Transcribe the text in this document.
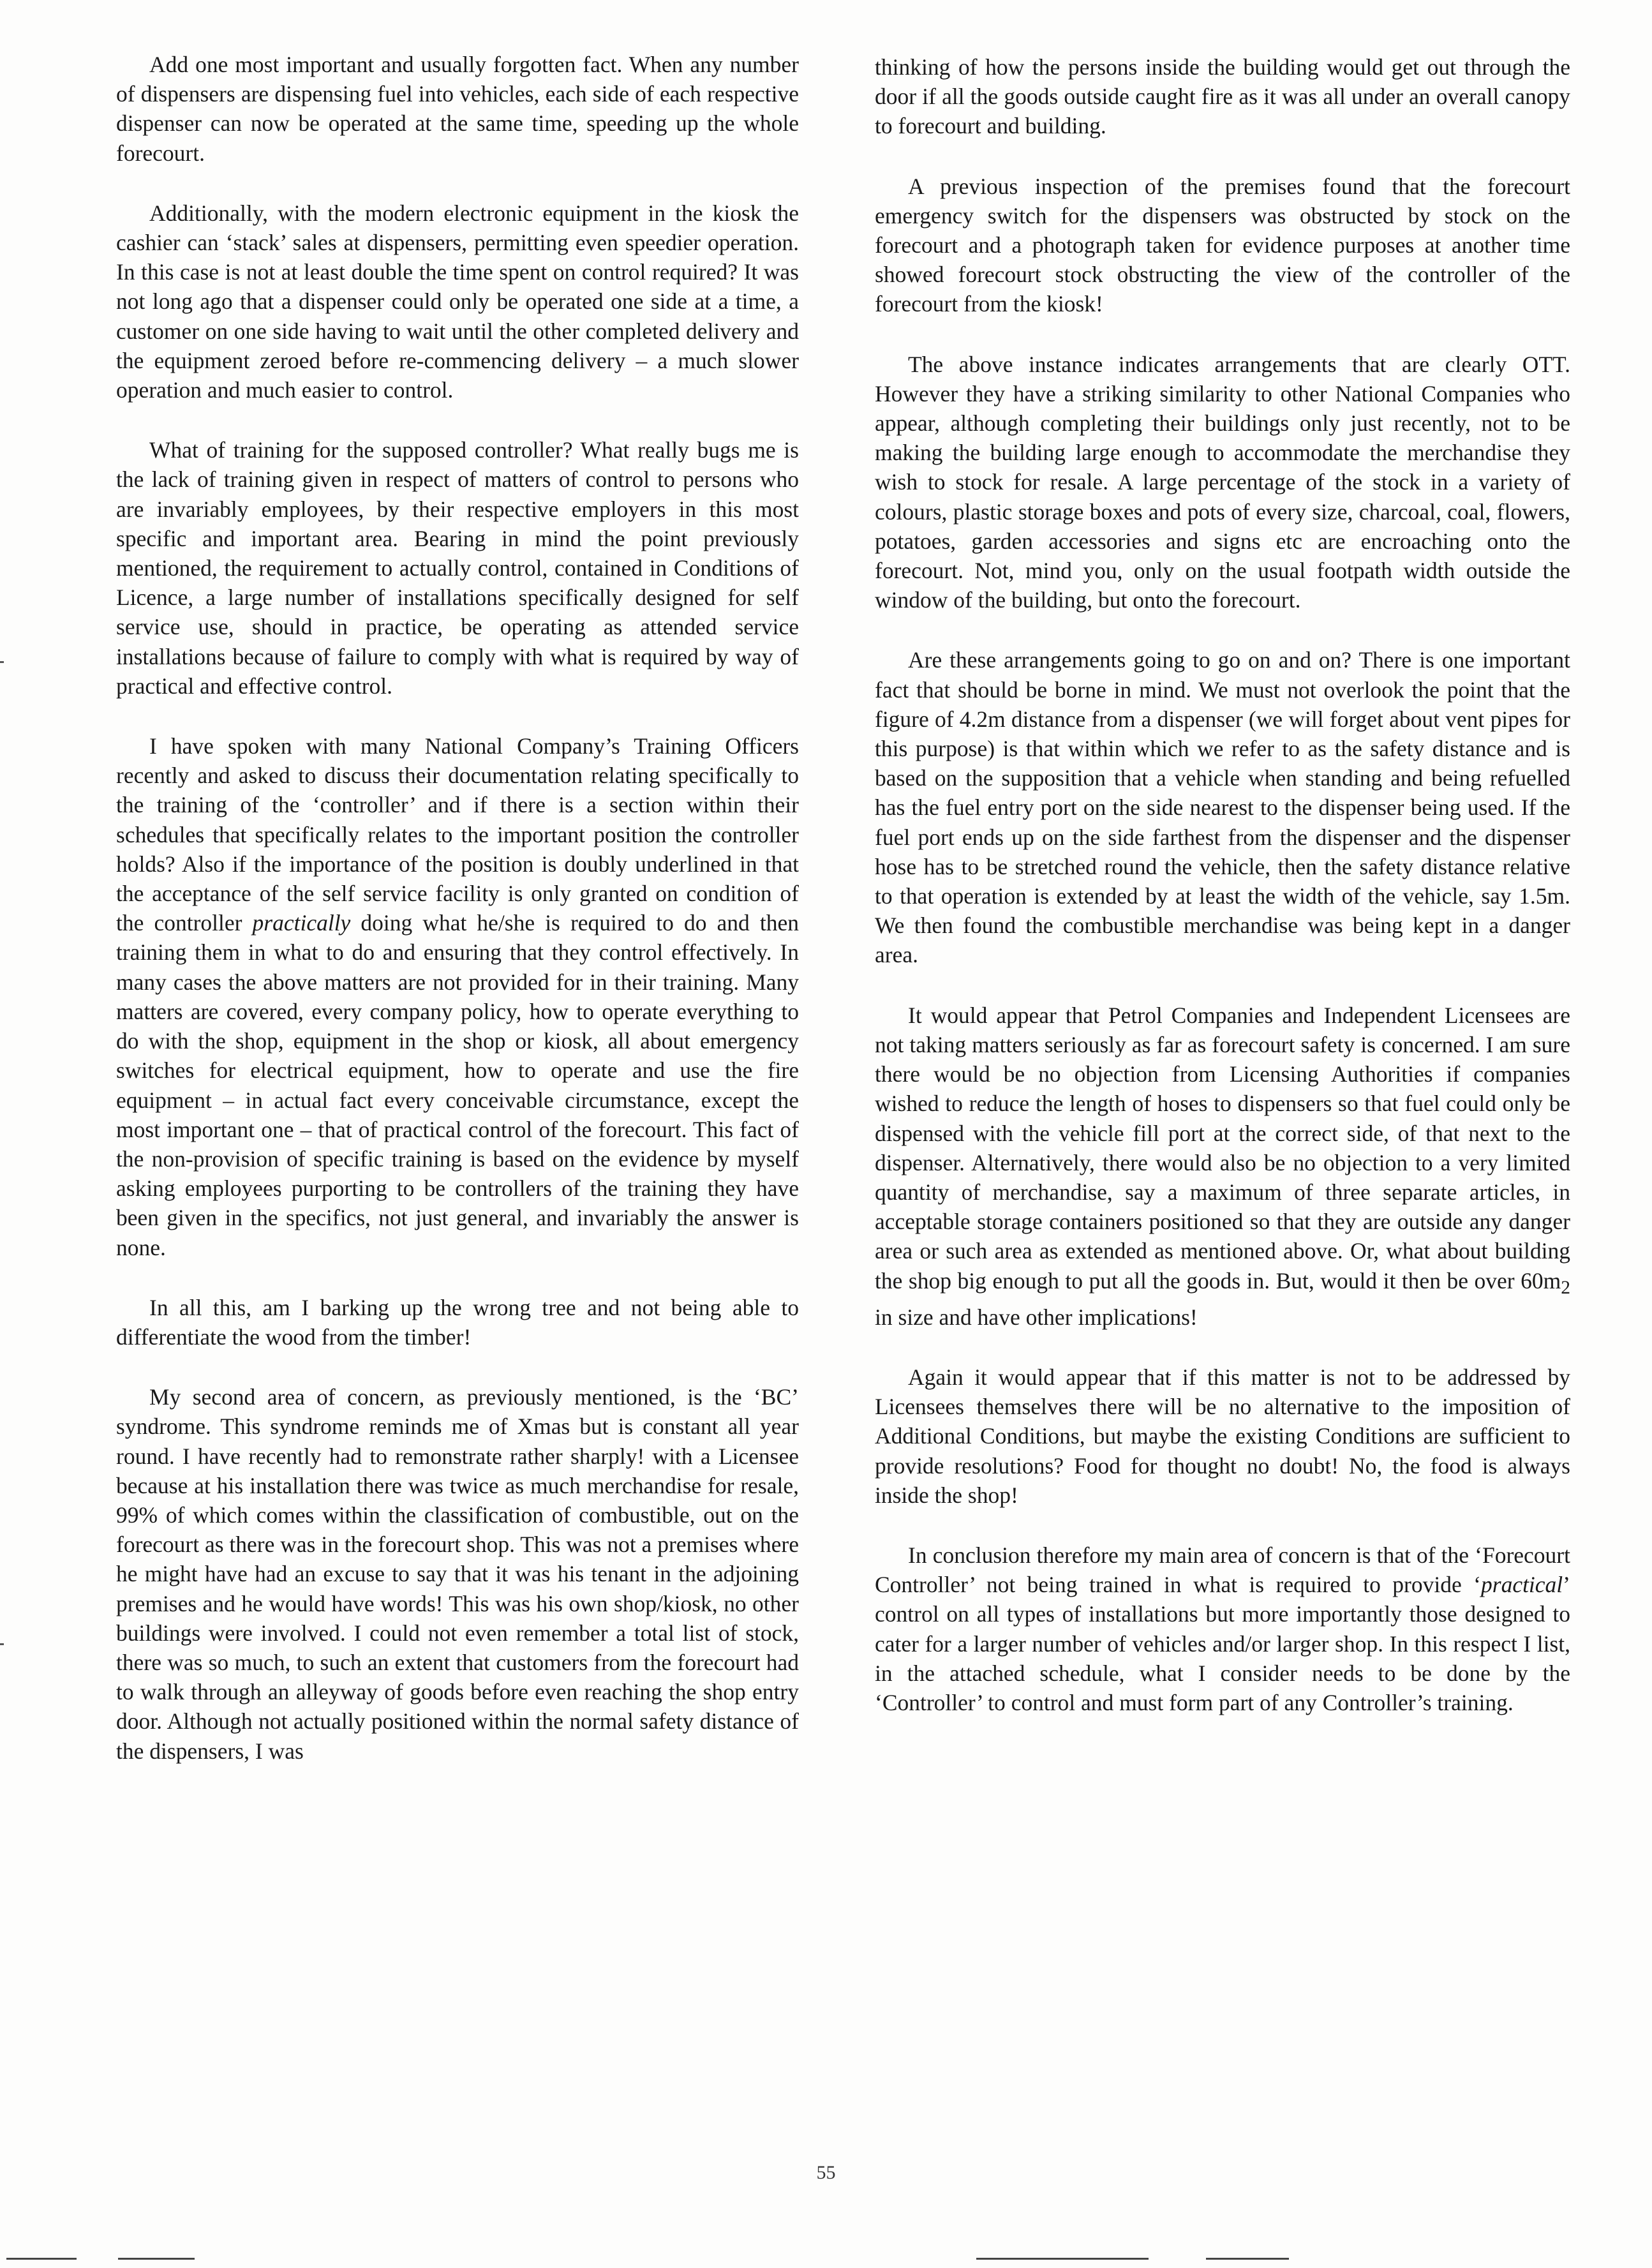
Add one most important and usually forgotten fact. When any number of dispensers are dispensing fuel into vehicles, each side of each respective dispenser can now be operated at the same time, speeding up the whole forecourt.

Additionally, with the modern electronic equipment in the kiosk the cashier can ‘stack’ sales at dispensers, permitting even speedier operation. In this case is not at least double the time spent on control required? It was not long ago that a dispenser could only be operated one side at a time, a customer on one side having to wait until the other completed delivery and the equipment zeroed before re-commencing delivery – a much slower operation and much easier to control.

What of training for the supposed controller? What really bugs me is the lack of training given in respect of matters of control to persons who are invariably employees, by their respective employers in this most specific and important area. Bearing in mind the point previously mentioned, the requirement to actually control, contained in Conditions of Licence, a large number of installations specifically designed for self service use, should in practice, be operating as attended service installations because of failure to comply with what is required by way of practical and effective control.

I have spoken with many National Company’s Training Officers recently and asked to discuss their documentation relating specifically to the training of the ‘controller’ and if there is a section within their schedules that specifically relates to the important position the controller holds? Also if the importance of the position is doubly underlined in that the acceptance of the self service facility is only granted on condition of the controller practically doing what he/she is required to do and then training them in what to do and ensuring that they control effectively. In many cases the above matters are not provided for in their training. Many matters are covered, every company policy, how to operate everything to do with the shop, equipment in the shop or kiosk, all about emergency switches for electrical equipment, how to operate and use the fire equipment – in actual fact every conceivable circumstance, except the most important one – that of practical control of the forecourt. This fact of the non-provision of specific training is based on the evidence by myself asking employees purporting to be controllers of the training they have been given in the specifics, not just general, and invariably the answer is none.

In all this, am I barking up the wrong tree and not being able to differentiate the wood from the timber!

My second area of concern, as previously mentioned, is the ‘BC’ syndrome. This syndrome reminds me of Xmas but is constant all year round. I have recently had to remonstrate rather sharply! with a Licensee because at his installation there was twice as much merchandise for resale, 99% of which comes within the classification of combustible, out on the forecourt as there was in the forecourt shop. This was not a premises where he might have had an excuse to say that it was his tenant in the adjoining premises and he would have words! This was his own shop/kiosk, no other buildings were involved. I could not even remember a total list of stock, there was so much, to such an extent that customers from the forecourt had to walk through an alleyway of goods before even reaching the shop entry door. Although not actually positioned within the normal safety distance of the dispensers, I was

thinking of how the persons inside the building would get out through the door if all the goods outside caught fire as it was all under an overall canopy to forecourt and building.

A previous inspection of the premises found that the forecourt emergency switch for the dispensers was obstructed by stock on the forecourt and a photograph taken for evidence purposes at another time showed forecourt stock obstructing the view of the controller of the forecourt from the kiosk!

The above instance indicates arrangements that are clearly OTT. However they have a striking similarity to other National Companies who appear, although completing their buildings only just recently, not to be making the building large enough to accommodate the merchandise they wish to stock for resale. A large percentage of the stock in a variety of colours, plastic storage boxes and pots of every size, charcoal, coal, flowers, potatoes, garden accessories and signs etc are encroaching onto the forecourt. Not, mind you, only on the usual footpath width outside the window of the building, but onto the forecourt.

Are these arrangements going to go on and on? There is one important fact that should be borne in mind. We must not overlook the point that the figure of 4.2m distance from a dispenser (we will forget about vent pipes for this purpose) is that within which we refer to as the safety distance and is based on the supposition that a vehicle when standing and being refuelled has the fuel entry port on the side nearest to the dispenser being used. If the fuel port ends up on the side farthest from the dispenser and the dispenser hose has to be stretched round the vehicle, then the safety distance relative to that operation is extended by at least the width of the vehicle, say 1.5m. We then found the combustible merchandise was being kept in a danger area.

It would appear that Petrol Companies and Independent Licensees are not taking matters seriously as far as forecourt safety is concerned. I am sure there would be no objection from Licensing Authorities if companies wished to reduce the length of hoses to dispensers so that fuel could only be dispensed with the vehicle fill port at the correct side, of that next to the dispenser. Alternatively, there would also be no objection to a very limited quantity of merchandise, say a maximum of three separate articles, in acceptable storage containers positioned so that they are outside any danger area or such area as extended as mentioned above. Or, what about building the shop big enough to put all the goods in. But, would it then be over $60m_2$ in size and have other implications!

Again it would appear that if this matter is not to be addressed by Licensees themselves there will be no alternative to the imposition of Additional Conditions, but maybe the existing Conditions are sufficient to provide resolutions? Food for thought no doubt! No, the food is always inside the shop!

In conclusion therefore my main area of concern is that of the ‘Forecourt Controller’ not being trained in what is required to provide ‘practical’ control on all types of installations but more importantly those designed to cater for a larger number of vehicles and/or larger shop. In this respect I list, in the attached schedule, what I consider needs to be done by the ‘Controller’ to control and must form part of any Controller’s training.

55
